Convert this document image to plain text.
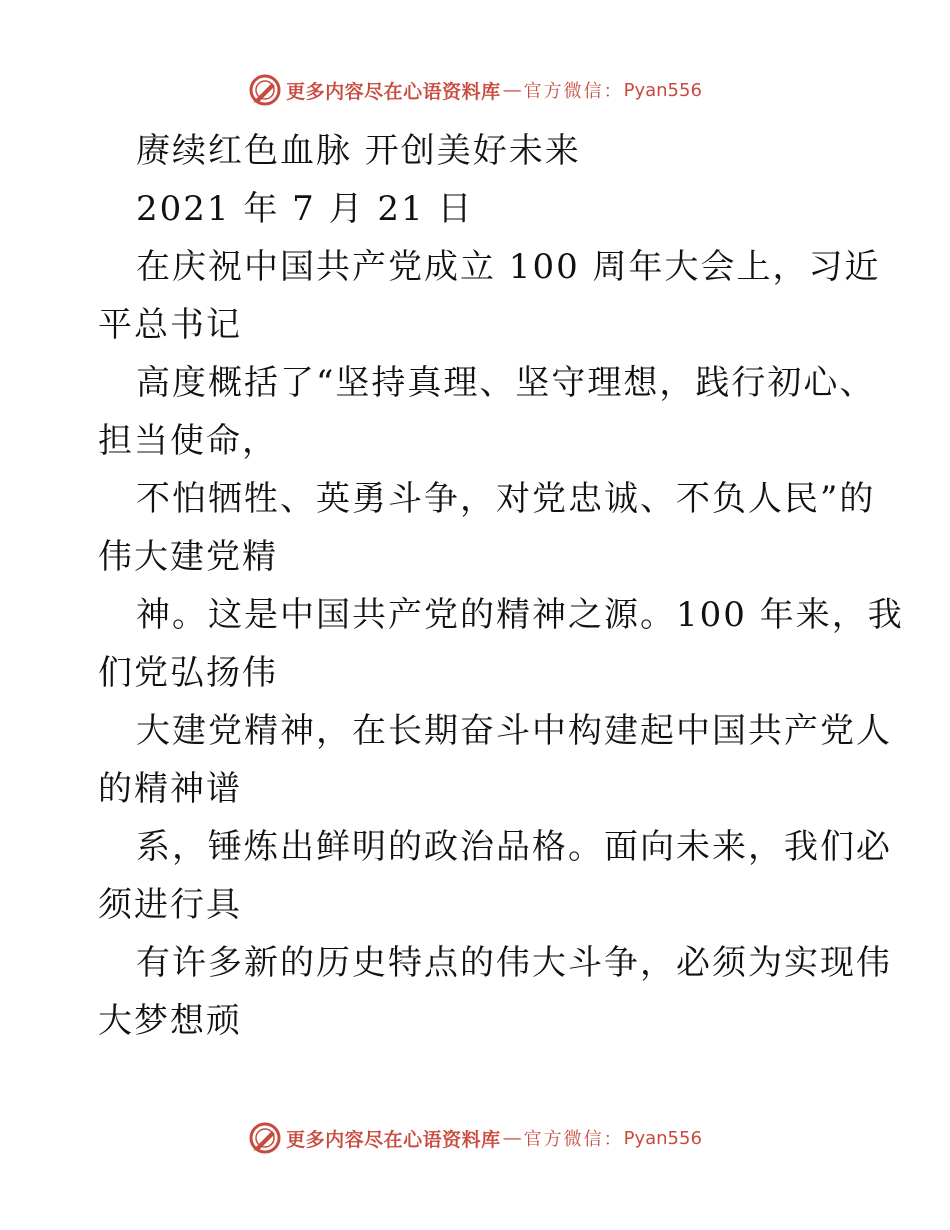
更多内容尽在心语资料库 — 官方微信： Pyan556
赓续红色血脉 开创美好未来
2021 年 7 月 21 日
在庆祝中国共产党成立 100 周年大会上，习近
平总书记
高度概括了“坚持真理、坚守理想，践行初心、
担当使命，
不怕牺牲、英勇斗争，对党忠诚、不负人民”的
伟大建党精
神。这是中国共产党的精神之源。100 年来，我
们党弘扬伟
大建党精神，在长期奋斗中构建起中国共产党人
的精神谱
系，锤炼出鲜明的政治品格。面向未来，我们必
须进行具
有许多新的历史特点的伟大斗争，必须为实现伟
大梦想顽
更多内容尽在心语资料库 — 官方微信： Pyan556
